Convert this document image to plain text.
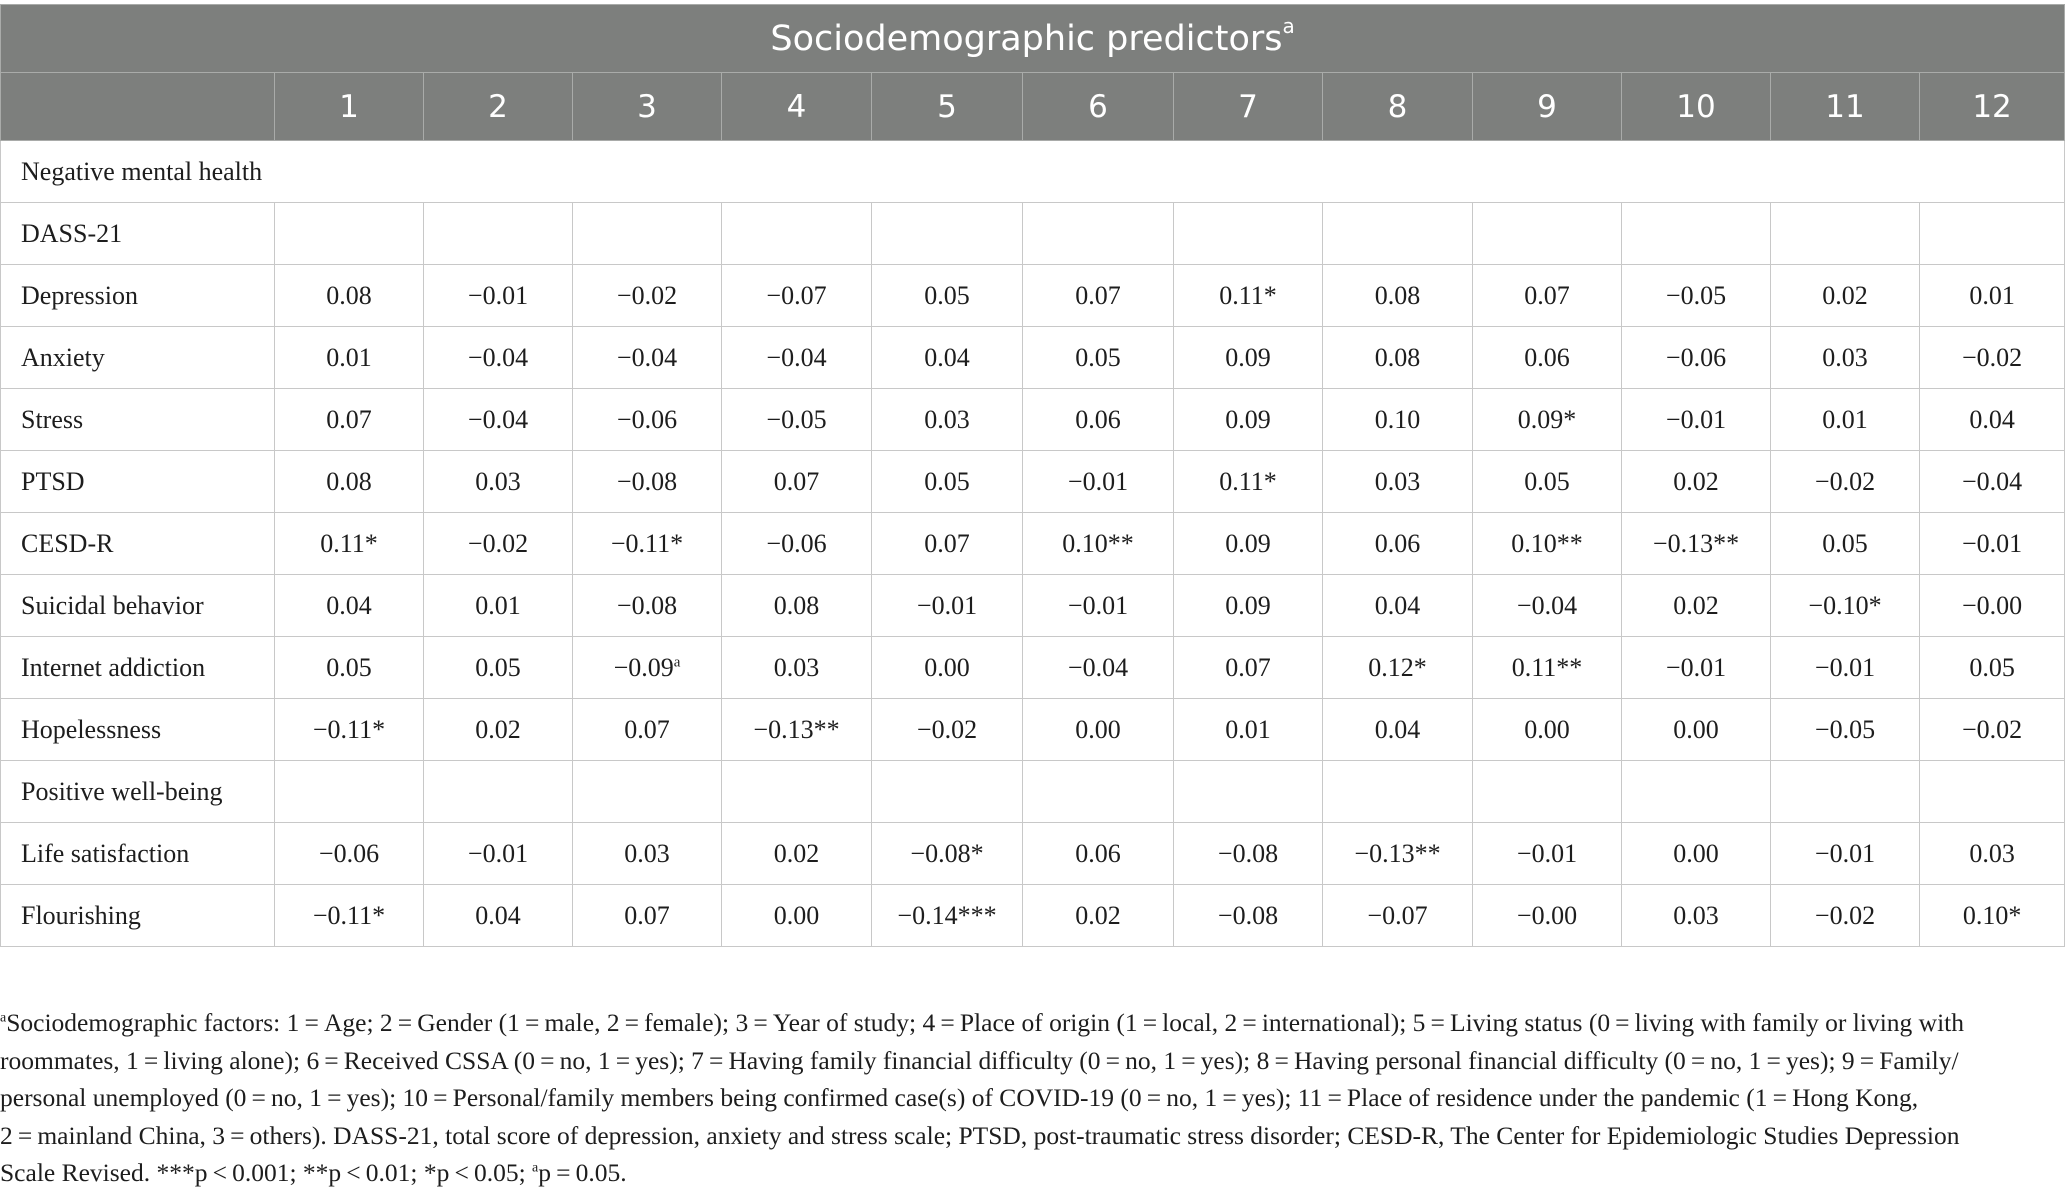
Sociodemographic predictors$^a$
	1	2	3	4	5	6	7	8	9	10	11	12
Negative mental health												
DASS-21												
Depression	0.08	−0.01	−0.02	−0.07	0.05	0.07	0.11*	0.08	0.07	−0.05	0.02	0.01
Anxiety	0.01	−0.04	−0.04	−0.04	0.04	0.05	0.09	0.08	0.06	−0.06	0.03	−0.02
Stress	0.07	−0.04	−0.06	−0.05	0.03	0.06	0.09	0.10	0.09*	−0.01	0.01	0.04
PTSD	0.08	0.03	−0.08	0.07	0.05	−0.01	0.11*	0.03	0.05	0.02	−0.02	−0.04
CESD-R	0.11*	−0.02	−0.11*	−0.06	0.07	0.10**	0.09	0.06	0.10**	−0.13**	0.05	−0.01
Suicidal behavior	0.04	0.01	−0.08	0.08	−0.01	−0.01	0.09	0.04	−0.04	0.02	−0.10*	−0.00
Internet addiction	0.05	0.05	−0.09$^a$	0.03	0.00	−0.04	0.07	0.12*	0.11**	−0.01	−0.01	0.05
Hopelessness	−0.11*	0.02	0.07	−0.13**	−0.02	0.00	0.01	0.04	0.00	0.00	−0.05	−0.02
Positive well-being												
Life satisfaction	−0.06	−0.01	0.03	0.02	−0.08*	0.06	−0.08	−0.13**	−0.01	0.00	−0.01	0.03
Flourishing	−0.11*	0.04	0.07	0.00	−0.14***	0.02	−0.08	−0.07	−0.00	0.03	−0.02	0.10*
$^a$Sociodemographic factors: 1 = Age; 2 = Gender (1 = male, 2 = female); 3 = Year of study; 4 = Place of origin (1 = local, 2 = international); 5 = Living status (0 = living with family or living with
roommates, 1 = living alone); 6 = Received CSSA (0 = no, 1 = yes); 7 = Having family financial difficulty (0 = no, 1 = yes); 8 = Having personal financial difficulty (0 = no, 1 = yes); 9 = Family/
personal unemployed (0 = no, 1 = yes); 10 = Personal/family members being confirmed case(s) of COVID-19 (0 = no, 1 = yes); 11 = Place of residence under the pandemic (1 = Hong Kong,
2 = mainland China, 3 = others). DASS-21, total score of depression, anxiety and stress scale; PTSD, post-traumatic stress disorder; CESD-R, The Center for Epidemiologic Studies Depression
Scale Revised. ***p < 0.001; **p < 0.01; *p < 0.05; $^a$p = 0.05.
